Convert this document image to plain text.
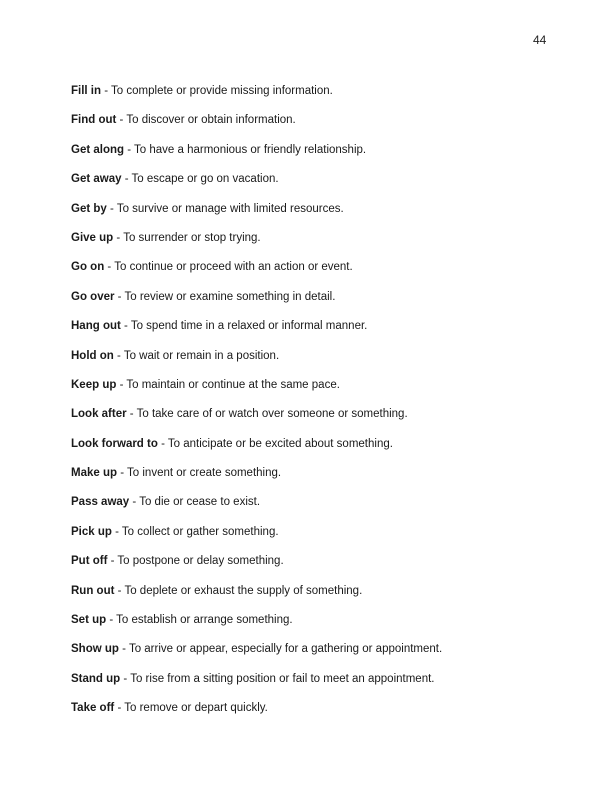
44
Fill in - To complete or provide missing information.
Find out - To discover or obtain information.
Get along - To have a harmonious or friendly relationship.
Get away - To escape or go on vacation.
Get by - To survive or manage with limited resources.
Give up - To surrender or stop trying.
Go on - To continue or proceed with an action or event.
Go over - To review or examine something in detail.
Hang out - To spend time in a relaxed or informal manner.
Hold on - To wait or remain in a position.
Keep up - To maintain or continue at the same pace.
Look after - To take care of or watch over someone or something.
Look forward to - To anticipate or be excited about something.
Make up - To invent or create something.
Pass away - To die or cease to exist.
Pick up - To collect or gather something.
Put off - To postpone or delay something.
Run out - To deplete or exhaust the supply of something.
Set up - To establish or arrange something.
Show up - To arrive or appear, especially for a gathering or appointment.
Stand up - To rise from a sitting position or fail to meet an appointment.
Take off - To remove or depart quickly.
